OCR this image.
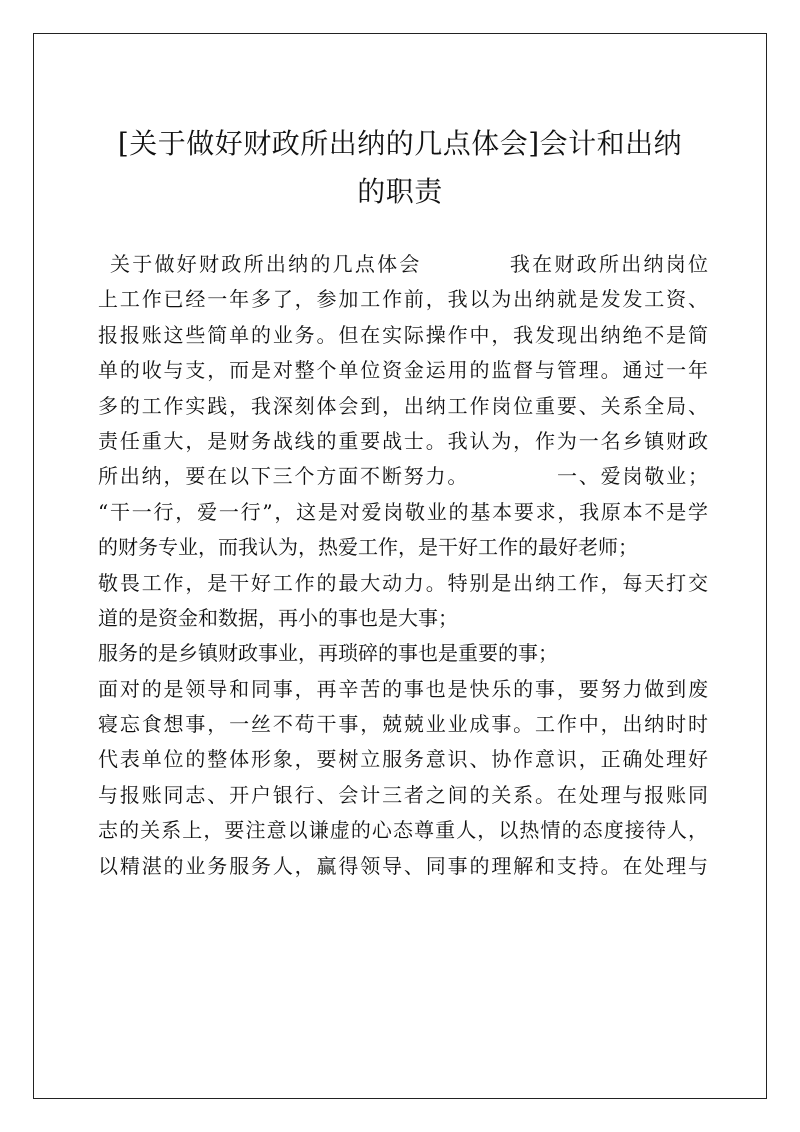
[关于做好财政所出纳的几点体会]会计和出纳
的职责
关于做好财政所出纳的几点体会	我在财政所出纳岗位
上工作已经一年多了，参加工作前，我以为出纳就是发发工资、
报报账这些简单的业务。但在实际操作中，我发现出纳绝不是简
单的收与支，而是对整个单位资金运用的监督与管理。通过一年
多的工作实践，我深刻体会到，出纳工作岗位重要、关系全局、
责任重大，是财务战线的重要战士。我认为，作为一名乡镇财政
所出纳，要在以下三个方面不断努力。	一、爱岗敬业；
“干一行，爱一行”，这是对爱岗敬业的基本要求，我原本不是学
的财务专业，而我认为，热爱工作，是干好工作的最好老师；
敬畏工作，是干好工作的最大动力。特别是出纳工作，每天打交
道的是资金和数据，再小的事也是大事；
服务的是乡镇财政事业，再琐碎的事也是重要的事；
面对的是领导和同事，再辛苦的事也是快乐的事，要努力做到废
寝忘食想事，一丝不苟干事，兢兢业业成事。工作中，出纳时时
代表单位的整体形象，要树立服务意识、协作意识，正确处理好
与报账同志、开户银行、会计三者之间的关系。在处理与报账同
志的关系上，要注意以谦虚的心态尊重人，以热情的态度接待人，
以精湛的业务服务人，赢得领导、同事的理解和支持。在处理与
